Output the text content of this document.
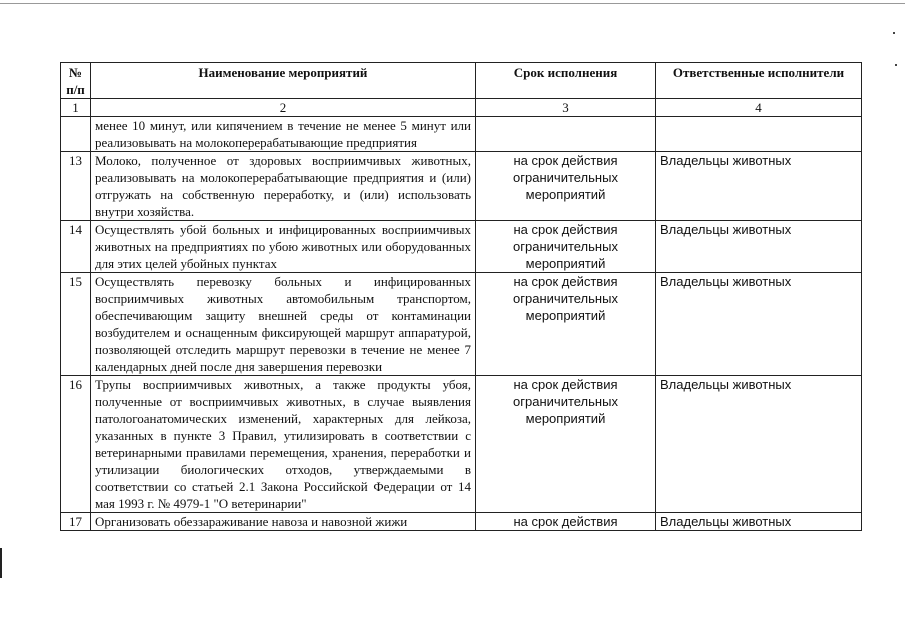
№ п/п	Наименование мероприятий	Срок исполнения	Ответственные исполнители
1	2	3	4
	менее 10 минут, или кипячением в течение не менее 5 минут или реализовывать на молокоперерабатывающие предприятия		
13	Молоко, полученное от здоровых восприимчивых животных, реализовывать на молокоперерабатывающие предприятия и (или) отгружать на собственную переработку, и (или) использовать внутри хозяйства.	на срок действия ограничительных мероприятий	Владельцы животных
14	Осуществлять убой больных и инфицированных восприимчивых животных на предприятиях по убою животных или оборудованных для этих целей убойных пунктах	на срок действия ограничительных мероприятий	Владельцы животных
15	Осуществлять перевозку больных и инфицированных восприимчивых животных автомобильным транспортом, обеспечивающим защиту внешней среды от контаминации возбудителем и оснащенным фиксирующей маршрут аппаратурой, позволяющей отследить маршрут перевозки в течение не менее 7 календарных дней после дня завершения перевозки	на срок действия ограничительных мероприятий	Владельцы животных
16	Трупы восприимчивых животных, а также продукты убоя, полученные от восприимчивых животных, в случае выявления патологоанатомических изменений, характерных для лейкоза, указанных в пункте 3 Правил, утилизировать в соответствии с ветеринарными правилами перемещения, хранения, переработки и утилизации биологических отходов, утверждаемыми в соответствии со статьей 2.1 Закона Российской Федерации от 14 мая 1993 г. № 4979-1 "О ветеринарии"	на срок действия ограничительных мероприятий	Владельцы животных
17	Организовать обеззараживание навоза и навозной жижи	на срок действия	Владельцы животных
